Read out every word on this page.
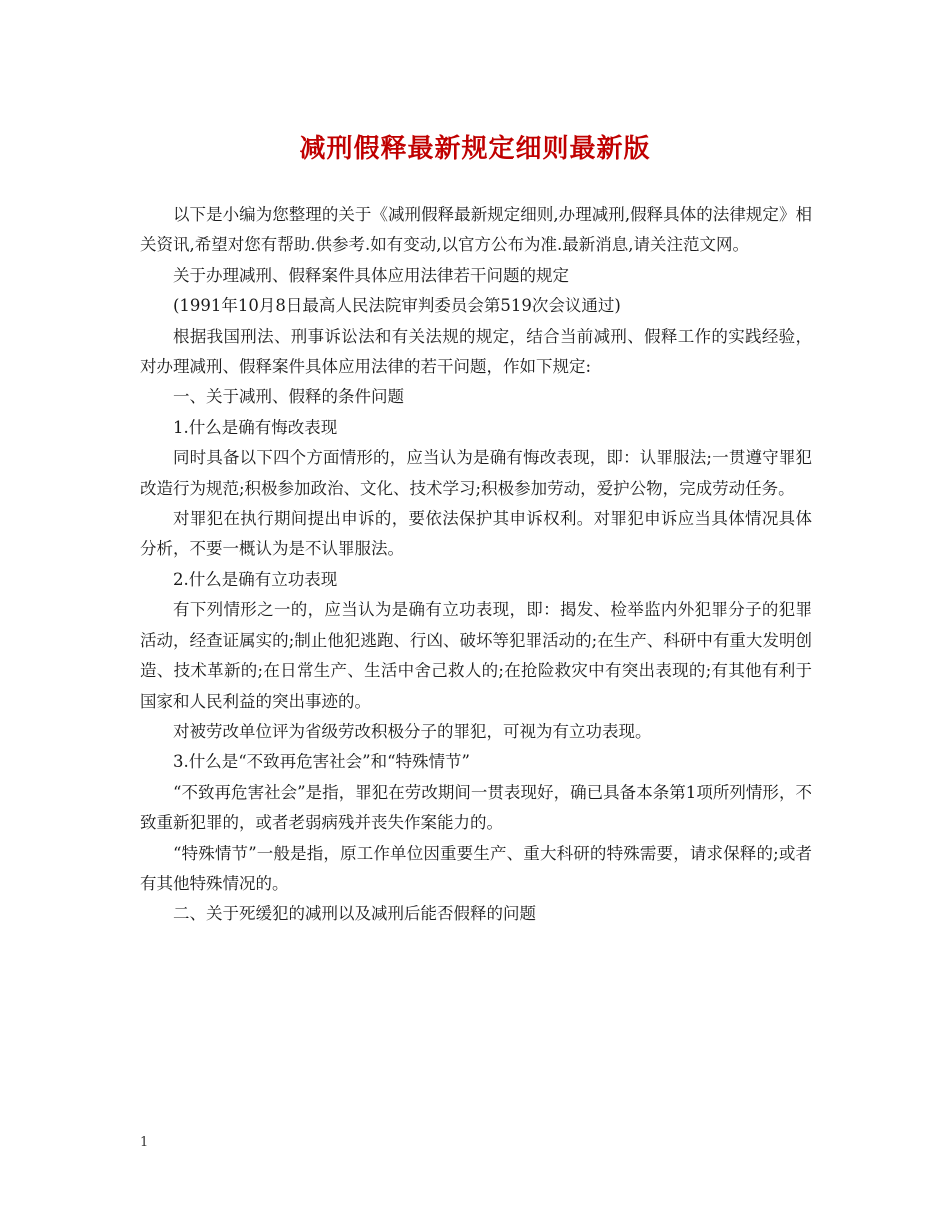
减刑假释最新规定细则最新版

以下是小编为您整理的关于《减刑假释最新规定细则,办理减刑,假释具体的法律规定》相关资讯,希望对您有帮助.供参考.如有变动,以官方公布为准.最新消息,请关注范文网。

关于办理减刑、假释案件具体应用法律若干问题的规定

(1991年10月8日最高人民法院审判委员会第519次会议通过)

根据我国刑法、刑事诉讼法和有关法规的规定，结合当前减刑、假释工作的实践经验，对办理减刑、假释案件具体应用法律的若干问题，作如下规定:

一、关于减刑、假释的条件问题

1.什么是确有悔改表现

同时具备以下四个方面情形的，应当认为是确有悔改表现，即：认罪服法;一贯遵守罪犯改造行为规范;积极参加政治、文化、技术学习;积极参加劳动，爱护公物，完成劳动任务。

对罪犯在执行期间提出申诉的，要依法保护其申诉权利。对罪犯申诉应当具体情况具体分析，不要一概认为是不认罪服法。

2.什么是确有立功表现

有下列情形之一的，应当认为是确有立功表现，即：揭发、检举监内外犯罪分子的犯罪活动，经查证属实的;制止他犯逃跑、行凶、破坏等犯罪活动的;在生产、科研中有重大发明创造、技术革新的;在日常生产、生活中舍己救人的;在抢险救灾中有突出表现的;有其他有利于国家和人民利益的突出事迹的。

对被劳改单位评为省级劳改积极分子的罪犯，可视为有立功表现。

3.什么是“不致再危害社会”和“特殊情节”

“不致再危害社会”是指，罪犯在劳改期间一贯表现好，确已具备本条第1项所列情形，不致重新犯罪的，或者老弱病残并丧失作案能力的。

“特殊情节”一般是指，原工作单位因重要生产、重大科研的特殊需要，请求保释的;或者有其他特殊情况的。

二、关于死缓犯的减刑以及减刑后能否假释的问题

1
